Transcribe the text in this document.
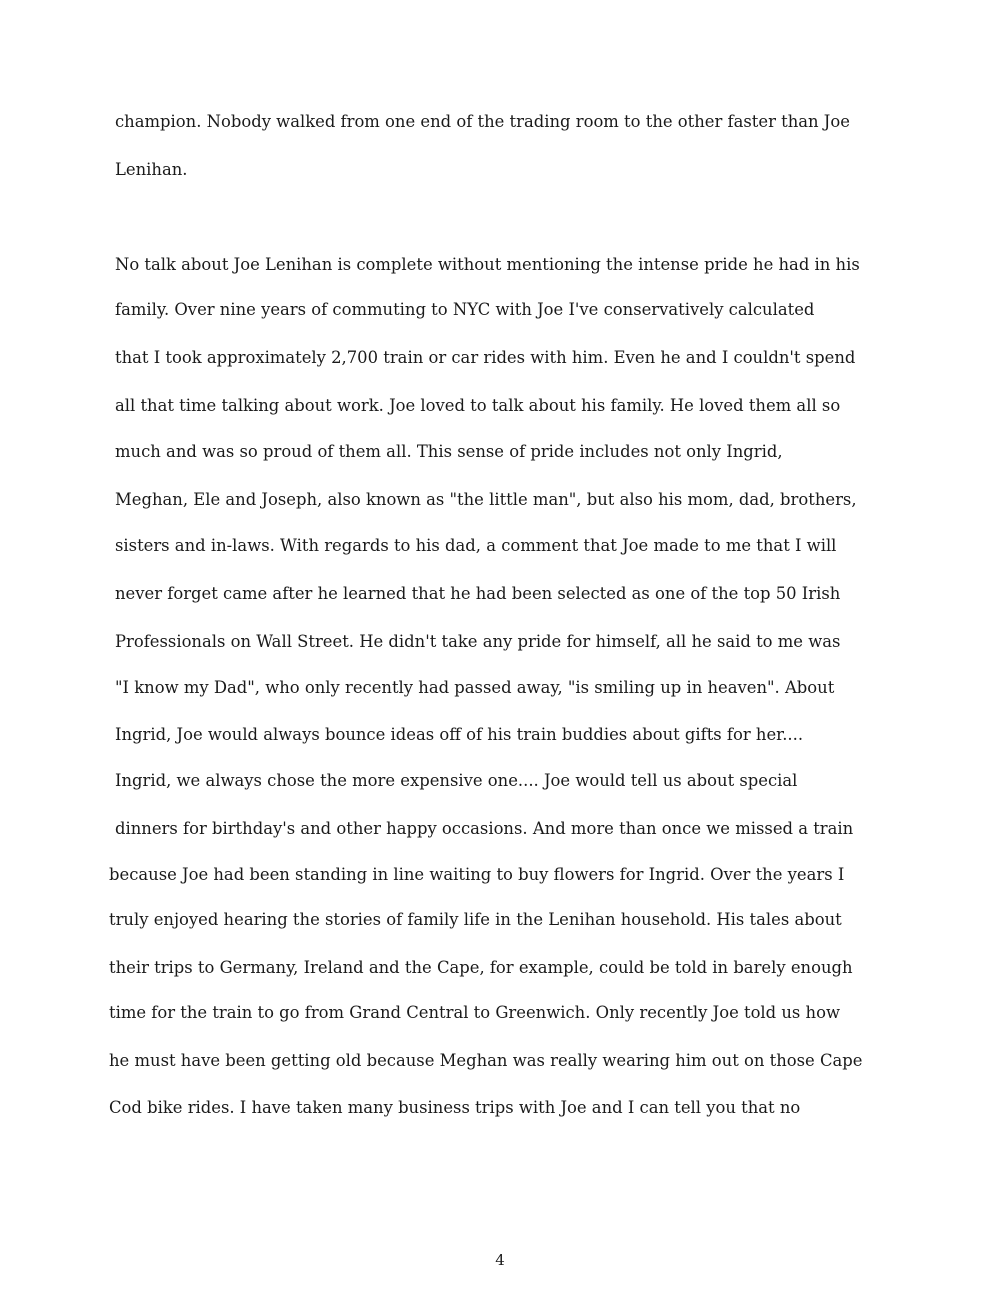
champion. Nobody walked from one end of the trading room to the other faster than Joe
Lenihan.
No talk about Joe Lenihan is complete without mentioning the intense pride he had in his
family. Over nine years of commuting to NYC with Joe I've conservatively calculated
that I took approximately 2,700 train or car rides with him. Even he and I couldn't spend
all that time talking about work. Joe loved to talk about his family. He loved them all so
much and was so proud of them all. This sense of pride includes not only Ingrid,
Meghan, Ele and Joseph, also known as "the little man", but also his mom, dad, brothers,
sisters and in-laws. With regards to his dad, a comment that Joe made to me that I will
never forget came after he learned that he had been selected as one of the top 50 Irish
Professionals on Wall Street. He didn't take any pride for himself, all he said to me was
"I know my Dad", who only recently had passed away, "is smiling up in heaven". About
Ingrid, Joe would always bounce ideas off of his train buddies about gifts for her....
Ingrid, we always chose the more expensive one.... Joe would tell us about special
dinners for birthday's and other happy occasions. And more than once we missed a train
because Joe had been standing in line waiting to buy flowers for Ingrid. Over the years I
truly enjoyed hearing the stories of family life in the Lenihan household. His tales about
their trips to Germany, Ireland and the Cape, for example, could be told in barely enough
time for the train to go from Grand Central to Greenwich. Only recently Joe told us how
he must have been getting old because Meghan was really wearing him out on those Cape
Cod bike rides. I have taken many business trips with Joe and I can tell you that no
4
